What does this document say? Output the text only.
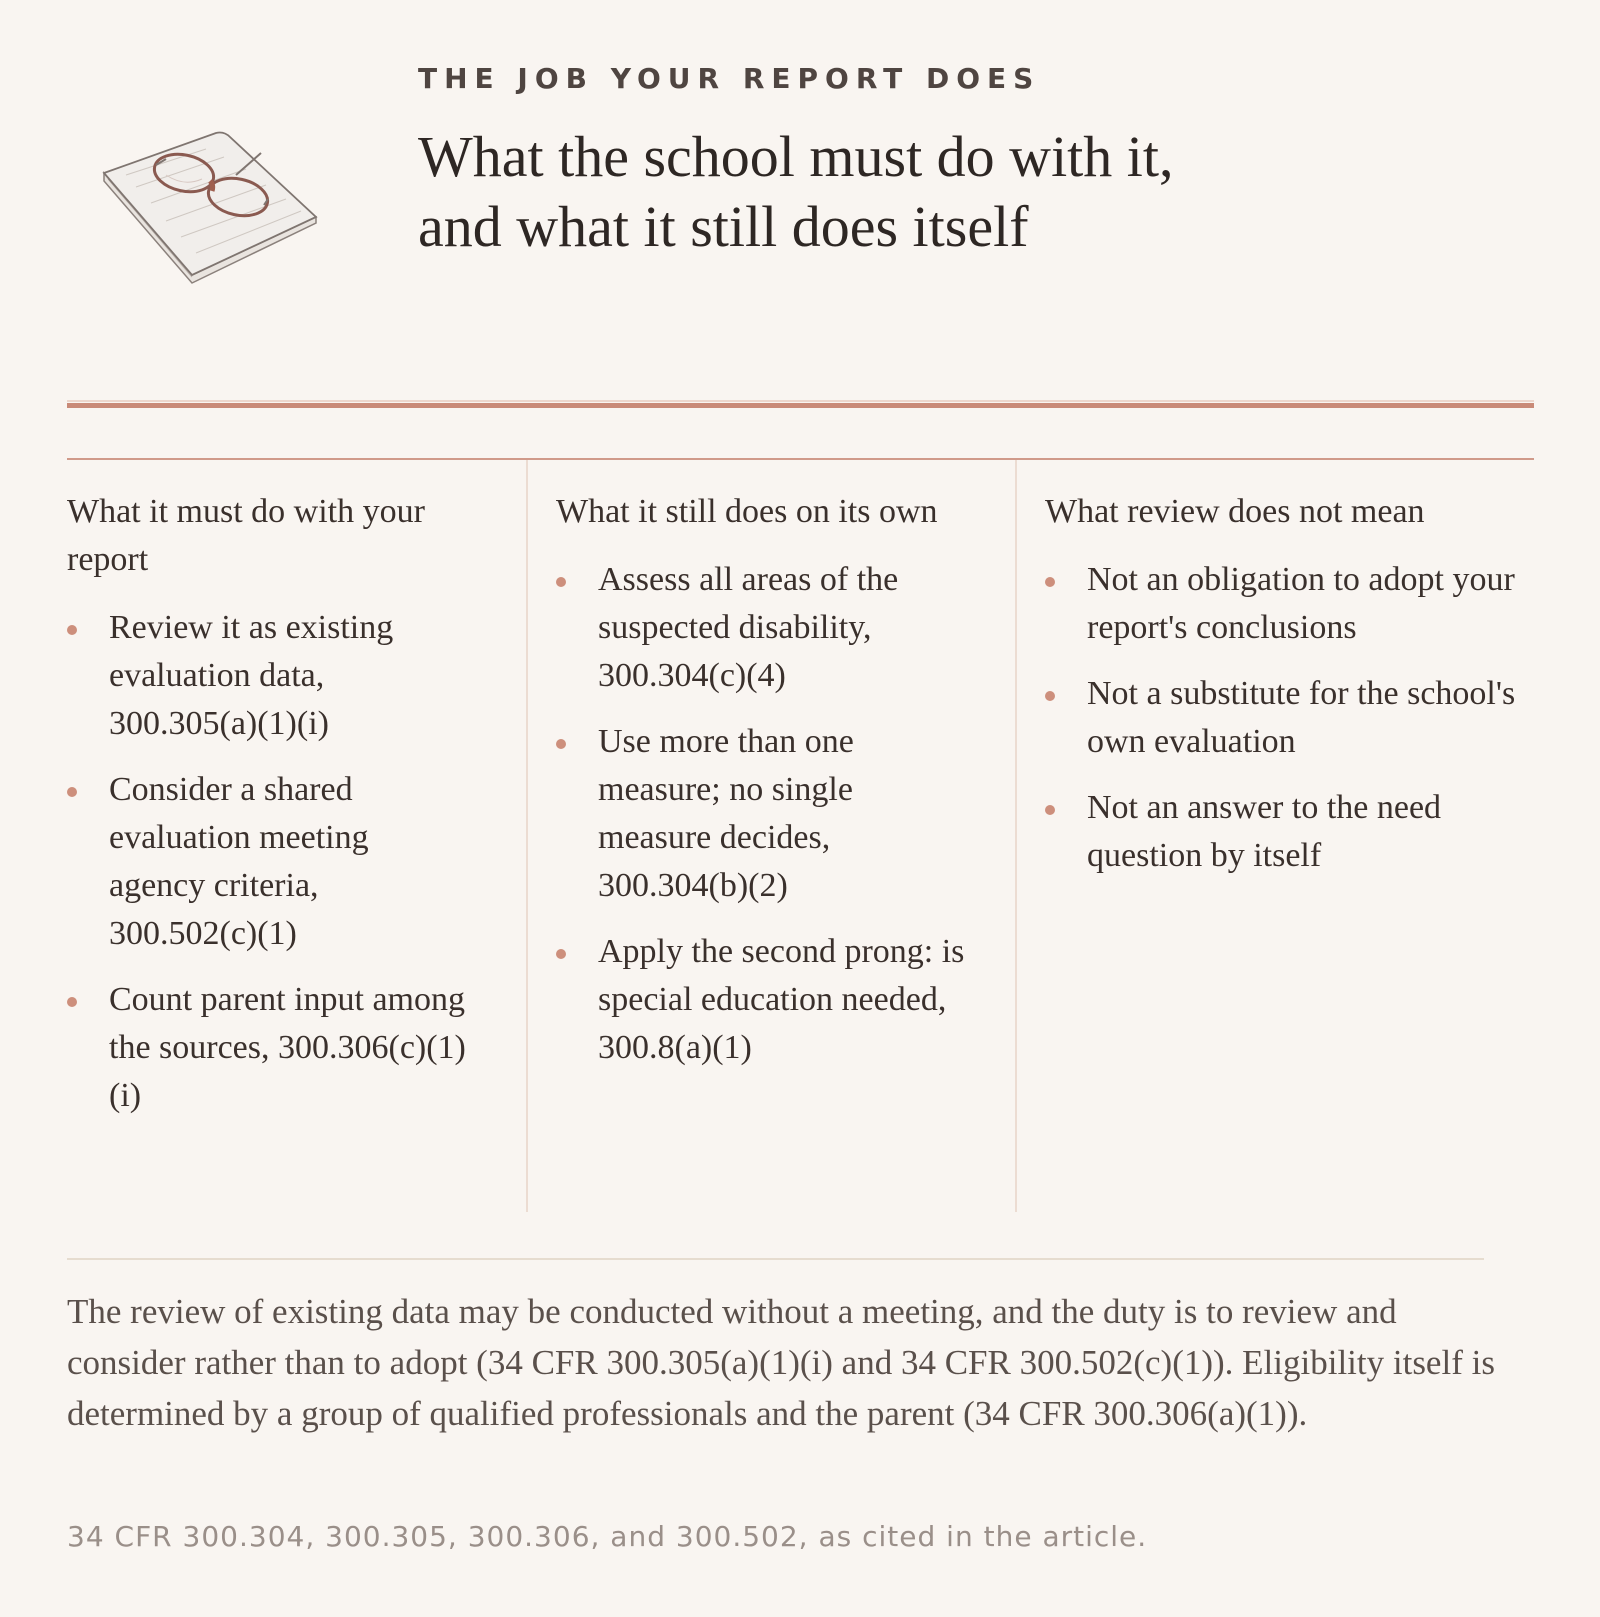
THE JOB YOUR REPORT DOES
What the school must do with it, and what it still does itself
What it must do with your report
Review it as existing evaluation data, 300.305(a)(1)(i)
Consider a shared evaluation meeting agency criteria, 300.502(c)(1)
Count parent input among the sources, 300.306(c)(1)(i)
What it still does on its own
Assess all areas of the suspected disability, 300.304(c)(4)
Use more than one measure; no single measure decides, 300.304(b)(2)
Apply the second prong: is special education needed, 300.8(a)(1)
What review does not mean
Not an obligation to adopt your report's conclusions
Not a substitute for the school's own evaluation
Not an answer to the need question by itself

The review of existing data may be conducted without a meeting, and the duty is to review and consider rather than to adopt (34 CFR 300.305(a)(1)(i) and 34 CFR 300.502(c)(1)). Eligibility itself is determined by a group of qualified professionals and the parent (34 CFR 300.306(a)(1)).

34 CFR 300.304, 300.305, 300.306, and 300.502, as cited in the article.
